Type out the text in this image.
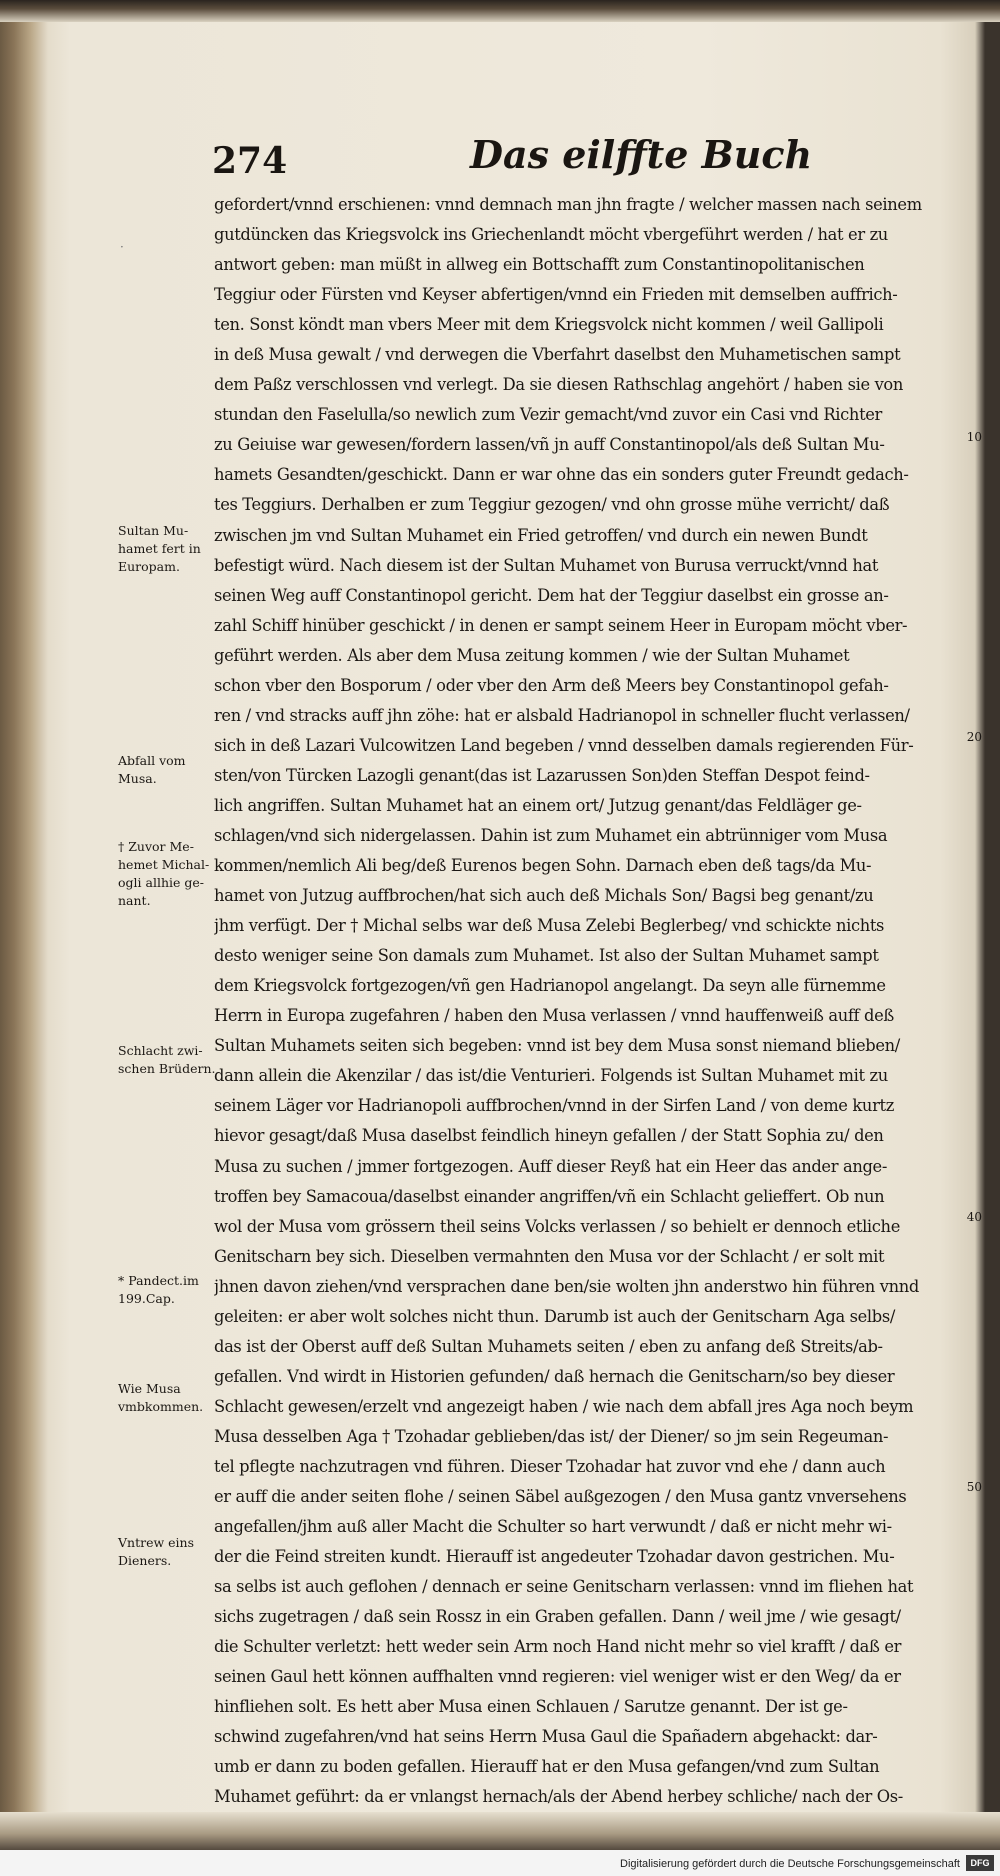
274	Das eilffte Buch
·
gefordert/vnnd erschienen: vnnd demnach man jhn fragte / welcher massen nach seinem
gutdüncken das Kriegsvolck ins Griechenlandt möcht vbergeführt werden / hat er zu
antwort geben: man müßt in allweg ein Bottschafft zum Constantinopolitanischen
Teggiur oder Fürsten vnd Keyser abfertigen/vnnd ein Frieden mit demselben auffrich-
ten. Sonst köndt man vbers Meer mit dem Kriegsvolck nicht kommen / weil Gallipoli
in deß Musa gewalt / vnd derwegen die Vberfahrt daselbst den Muhametischen sampt
dem Paßz verschlossen vnd verlegt. Da sie diesen Rathschlag angehört / haben sie von
stundan den Faselulla/so newlich zum Vezir gemacht/vnd zuvor ein Casi vnd Richter
zu Geiuise war gewesen/fordern lassen/vñ jn auff Constantinopol/als deß Sultan Mu-
hamets Gesandten/geschickt. Dann er war ohne das ein sonders guter Freundt gedach-
tes Teggiurs. Derhalben er zum Teggiur gezogen/ vnd ohn grosse mühe verricht/ daß
zwischen jm vnd Sultan Muhamet ein Fried getroffen/ vnd durch ein newen Bundt
befestigt würd. Nach diesem ist der Sultan Muhamet von Burusa verruckt/vnnd hat
seinen Weg auff Constantinopol gericht. Dem hat der Teggiur daselbst ein grosse an-
zahl Schiff hinüber geschickt / in denen er sampt seinem Heer in Europam möcht vber-
geführt werden. Als aber dem Musa zeitung kommen / wie der Sultan Muhamet
schon vber den Bosporum / oder vber den Arm deß Meers bey Constantinopol gefah-
ren / vnd stracks auff jhn zöhe: hat er alsbald Hadrianopol in schneller flucht verlassen/
sich in deß Lazari Vulcowitzen Land begeben / vnnd desselben damals regierenden Für-
sten/von Türcken Lazogli genant(das ist Lazarussen Son)den Steffan Despot feind-
lich angriffen. Sultan Muhamet hat an einem ort/ Jutzug genant/das Feldläger ge-
schlagen/vnd sich nidergelassen. Dahin ist zum Muhamet ein abtrünniger vom Musa
kommen/nemlich Ali beg/deß Eurenos begen Sohn. Darnach eben deß tags/da Mu-
hamet von Jutzug auffbrochen/hat sich auch deß Michals Son/ Bagsi beg genant/zu
jhm verfügt. Der † Michal selbs war deß Musa Zelebi Beglerbeg/ vnd schickte nichts
desto weniger seine Son damals zum Muhamet. Ist also der Sultan Muhamet sampt
dem Kriegsvolck fortgezogen/vñ gen Hadrianopol angelangt. Da seyn alle fürnemme
Herrn in Europa zugefahren / haben den Musa verlassen / vnnd hauffenweiß auff deß
Sultan Muhamets seiten sich begeben: vnnd ist bey dem Musa sonst niemand blieben/
dann allein die Akenzilar / das ist/die Venturieri. Folgends ist Sultan Muhamet mit zu
seinem Läger vor Hadrianopoli auffbrochen/vnnd in der Sirfen Land / von deme kurtz
hievor gesagt/daß Musa daselbst feindlich hineyn gefallen / der Statt Sophia zu/ den
Musa zu suchen / jmmer fortgezogen. Auff dieser Reyß hat ein Heer das ander ange-
troffen bey Samacoua/daselbst einander angriffen/vñ ein Schlacht gelieffert. Ob nun
wol der Musa vom grössern theil seins Volcks verlassen / so behielt er dennoch etliche
Genitscharn bey sich. Dieselben vermahnten den Musa vor der Schlacht / er solt mit
jhnen davon ziehen/vnd versprachen dane ben/sie wolten jhn anderstwo hin führen vnnd
geleiten: er aber wolt solches nicht thun. Darumb ist auch der Genitscharn Aga selbs/
das ist der Oberst auff deß Sultan Muhamets seiten / eben zu anfang deß Streits/ab-
gefallen. Vnd wirdt in Historien gefunden/ daß hernach die Genitscharn/so bey dieser
Schlacht gewesen/erzelt vnd angezeigt haben / wie nach dem abfall jres Aga noch beym
Musa desselben Aga † Tzohadar geblieben/das ist/ der Diener/ so jm sein Regeuman-
tel pflegte nachzutragen vnd führen. Dieser Tzohadar hat zuvor vnd ehe / dann auch
er auff die ander seiten flohe / seinen Säbel außgezogen / den Musa gantz vnversehens
angefallen/jhm auß aller Macht die Schulter so hart verwundt / daß er nicht mehr wi-
der die Feind streiten kundt. Hierauff ist angedeuter Tzohadar davon gestrichen. Mu-
sa selbs ist auch geflohen / dennach er seine Genitscharn verlassen: vnnd im fliehen hat
sichs zugetragen / daß sein Rossz in ein Graben gefallen. Dann / weil jme / wie gesagt/
die Schulter verletzt: hett weder sein Arm noch Hand nicht mehr so viel krafft / daß er
seinen Gaul hett können auffhalten vnnd regieren: viel weniger wist er den Weg/ da er
hinfliehen solt. Es hett aber Musa einen Schlauen / Sarutze genannt. Der ist ge-
schwind zugefahren/vnd hat seins Herrn Musa Gaul die Spañadern abgehackt: dar-
umb er dann zu boden gefallen. Hierauff hat er den Musa gefangen/vnd zum Sultan
Muhamet geführt: da er vnlangst hernach/als der Abend herbey schliche/ nach der Os-
Sultan Mu-
hamet fert in
Europam.
Abfall vom
Musa.
† Zuvor Me-
hemet Michal-
ogli allhie ge-
nant.
Schlacht zwi-
schen Brüdern.
* Pandect.im
199.Cap.
Wie Musa
vmbkommen.
Vntrew eins
Dieners.
10
20
40
50
Digitalisierung gefördert durch die Deutsche Forschungsgemeinschaft	DFG
